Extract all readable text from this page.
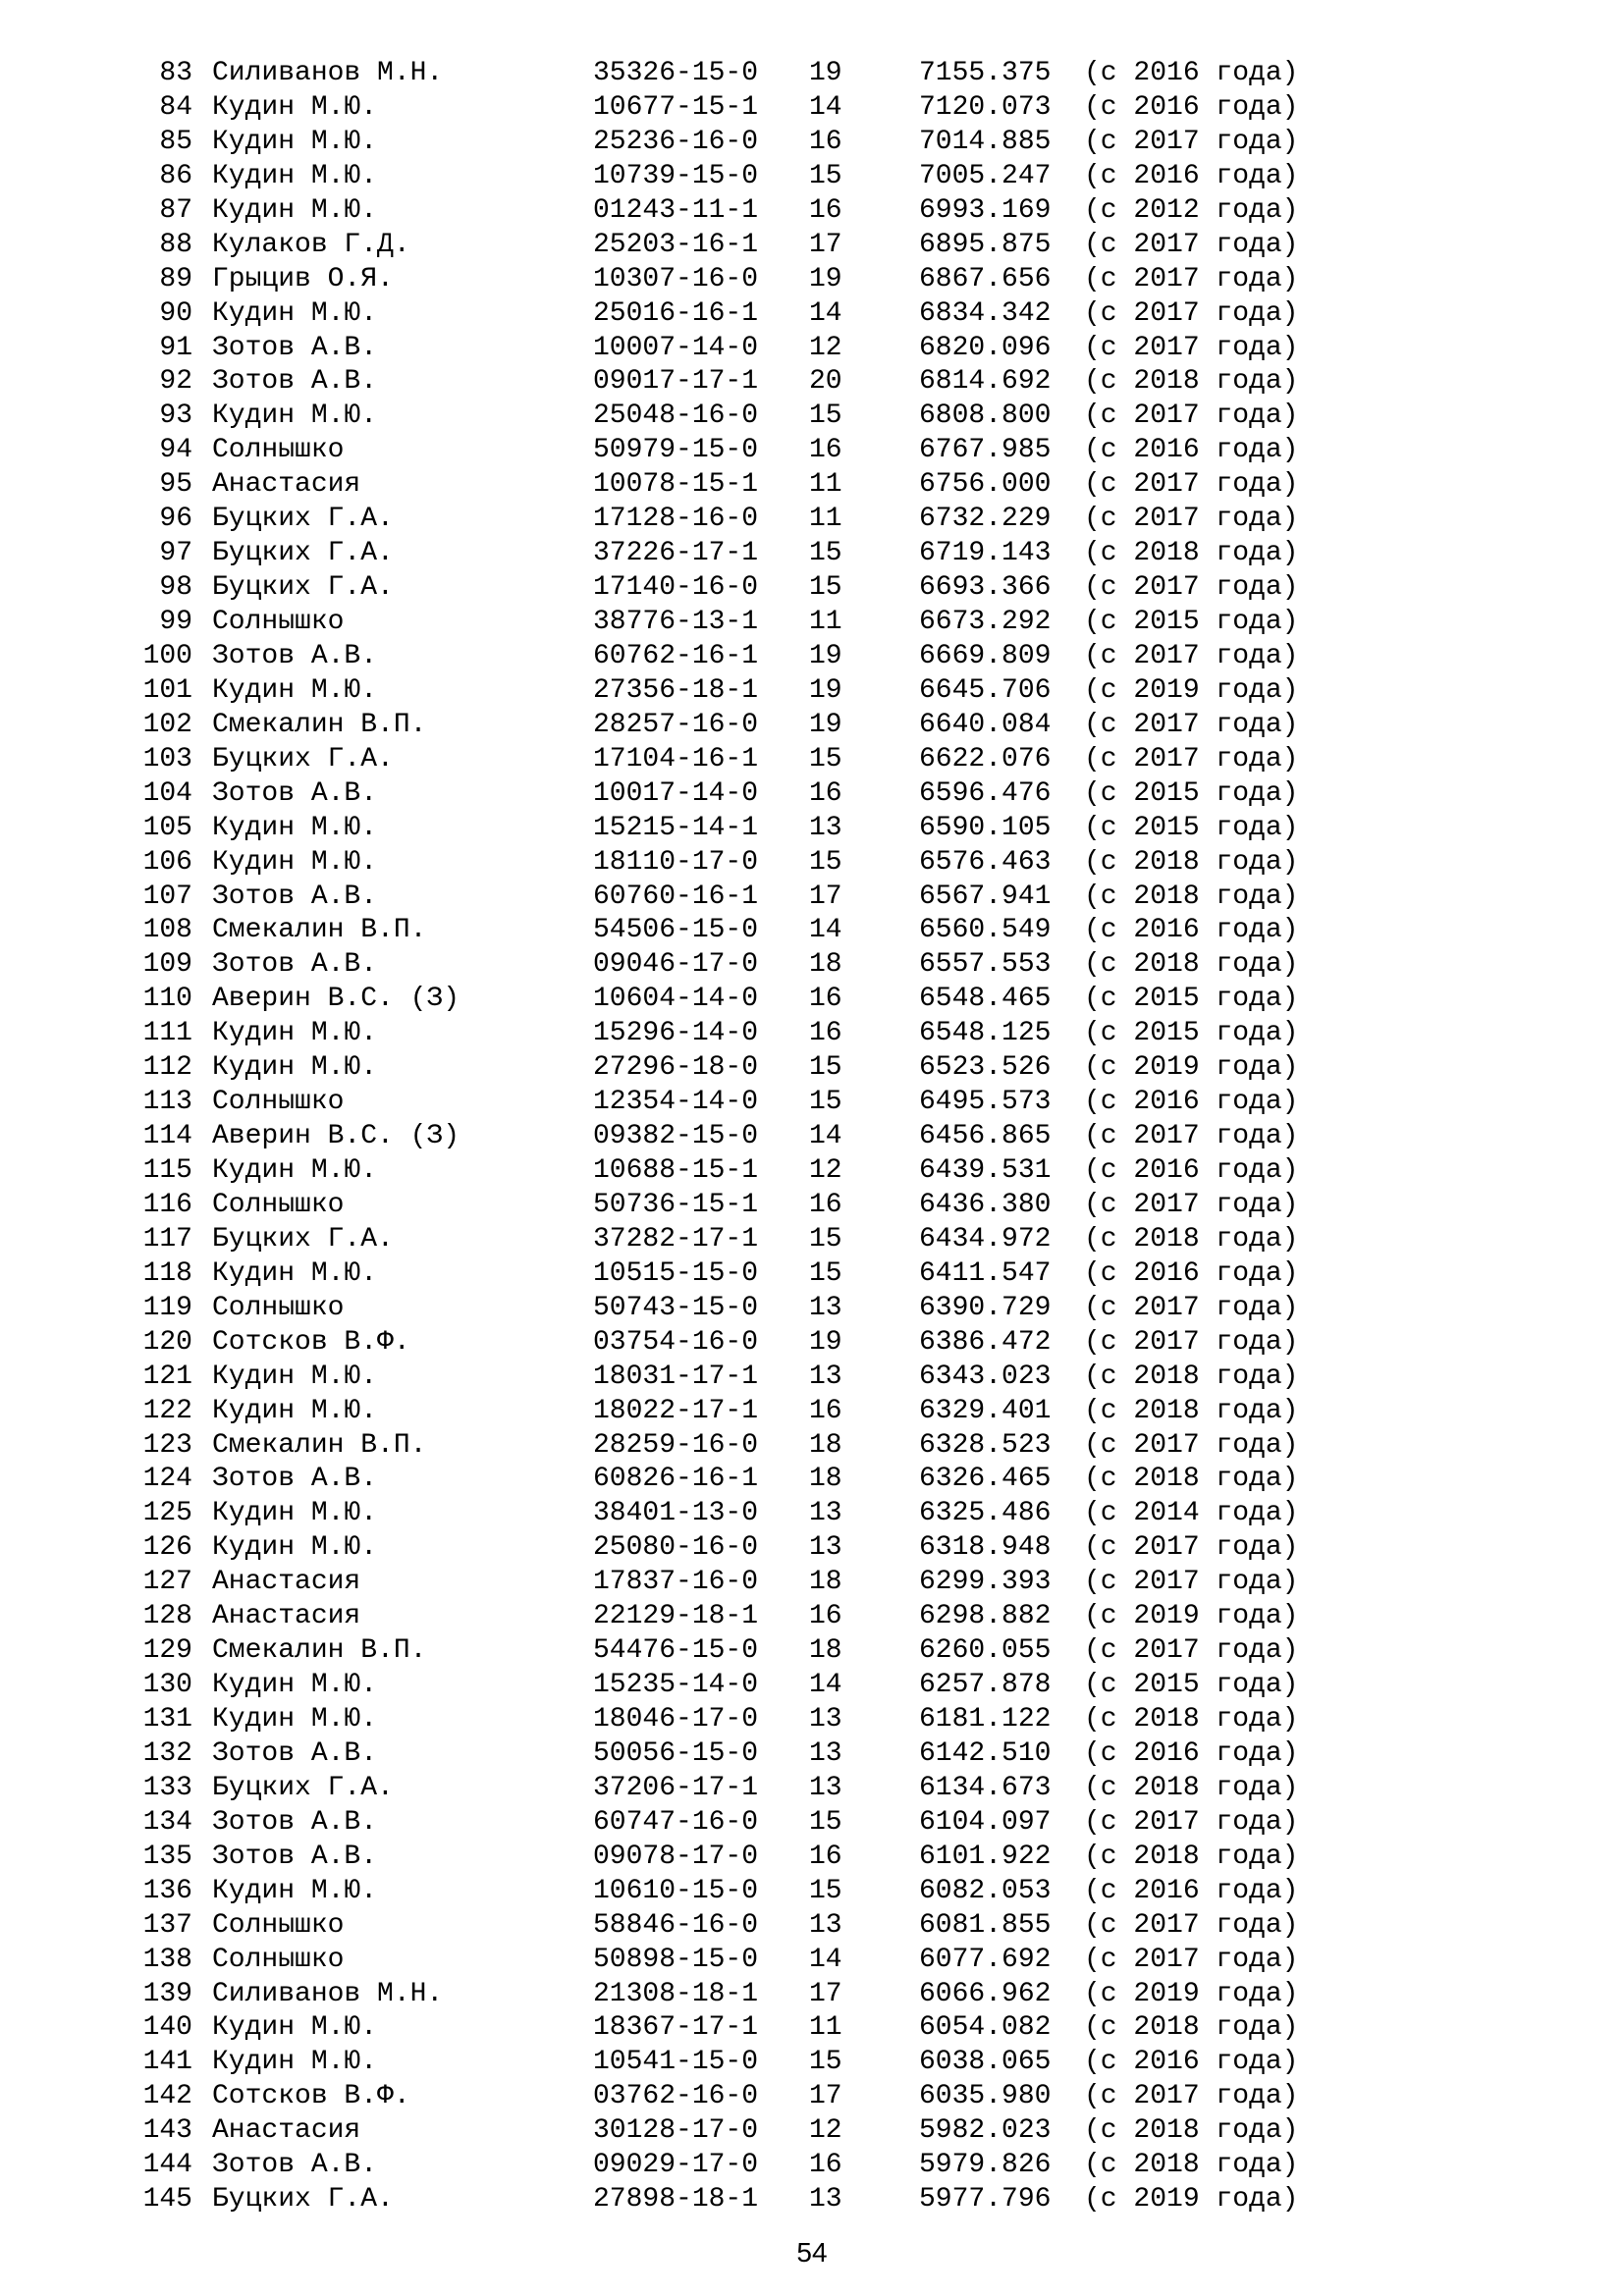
83 Силиванов М.Н.	35326-15-0 19	7155.375 (с 2016 года)
84 Кудин М.Ю.	10677-15-1 14	7120.073 (с 2016 года)
85 Кудин М.Ю.	25236-16-0 16	7014.885 (с 2017 года)
86 Кудин М.Ю.	10739-15-0 15	7005.247 (с 2016 года)
87 Кудин М.Ю.	01243-11-1 16	6993.169 (с 2012 года)
88 Кулаков Г.Д.	25203-16-1 17	6895.875 (с 2017 года)
89 Грыцив О.Я.	10307-16-0 19	6867.656 (с 2017 года)
90 Кудин М.Ю.	25016-16-1 14	6834.342 (с 2017 года)
91 Зотов А.В.	10007-14-0 12	6820.096 (с 2017 года)
92 Зотов А.В.	09017-17-1 20	6814.692 (с 2018 года)
93 Кудин М.Ю.	25048-16-0 15	6808.800 (с 2017 года)
94 Солнышко	50979-15-0 16	6767.985 (с 2016 года)
95 Анастасия	10078-15-1 11	6756.000 (с 2017 года)
96 Буцких Г.А.	17128-16-0 11	6732.229 (с 2017 года)
97 Буцких Г.А.	37226-17-1 15	6719.143 (с 2018 года)
98 Буцких Г.А.	17140-16-0 15	6693.366 (с 2017 года)
99 Солнышко	38776-13-1 11	6673.292 (с 2015 года)
100 Зотов А.В.	60762-16-1 19	6669.809 (с 2017 года)
101 Кудин М.Ю.	27356-18-1 19	6645.706 (с 2019 года)
102 Смекалин В.П.	28257-16-0 19	6640.084 (с 2017 года)
103 Буцких Г.А.	17104-16-1 15	6622.076 (с 2017 года)
104 Зотов А.В.	10017-14-0 16	6596.476 (с 2015 года)
105 Кудин М.Ю.	15215-14-1 13	6590.105 (с 2015 года)
106 Кудин М.Ю.	18110-17-0 15	6576.463 (с 2018 года)
107 Зотов А.В.	60760-16-1 17	6567.941 (с 2018 года)
108 Смекалин В.П.	54506-15-0 14	6560.549 (с 2016 года)
109 Зотов А.В.	09046-17-0 18	6557.553 (с 2018 года)
110 Аверин В.С. (З)	10604-14-0 16	6548.465 (с 2015 года)
111 Кудин М.Ю.	15296-14-0 16	6548.125 (с 2015 года)
112 Кудин М.Ю.	27296-18-0 15	6523.526 (с 2019 года)
113 Солнышко	12354-14-0 15	6495.573 (с 2016 года)
114 Аверин В.С. (З)	09382-15-0 14	6456.865 (с 2017 года)
115 Кудин М.Ю.	10688-15-1 12	6439.531 (с 2016 года)
116 Солнышко	50736-15-1 16	6436.380 (с 2017 года)
117 Буцких Г.А.	37282-17-1 15	6434.972 (с 2018 года)
118 Кудин М.Ю.	10515-15-0 15	6411.547 (с 2016 года)
119 Солнышко	50743-15-0 13	6390.729 (с 2017 года)
120 Сотсков В.Ф.	03754-16-0 19	6386.472 (с 2017 года)
121 Кудин М.Ю.	18031-17-1 13	6343.023 (с 2018 года)
122 Кудин М.Ю.	18022-17-1 16	6329.401 (с 2018 года)
123 Смекалин В.П.	28259-16-0 18	6328.523 (с 2017 года)
124 Зотов А.В.	60826-16-1 18	6326.465 (с 2018 года)
125 Кудин М.Ю.	38401-13-0 13	6325.486 (с 2014 года)
126 Кудин М.Ю.	25080-16-0 13	6318.948 (с 2017 года)
127 Анастасия	17837-16-0 18	6299.393 (с 2017 года)
128 Анастасия	22129-18-1 16	6298.882 (с 2019 года)
129 Смекалин В.П.	54476-15-0 18	6260.055 (с 2017 года)
130 Кудин М.Ю.	15235-14-0 14	6257.878 (с 2015 года)
131 Кудин М.Ю.	18046-17-0 13	6181.122 (с 2018 года)
132 Зотов А.В.	50056-15-0 13	6142.510 (с 2016 года)
133 Буцких Г.А.	37206-17-1 13	6134.673 (с 2018 года)
134 Зотов А.В.	60747-16-0 15	6104.097 (с 2017 года)
135 Зотов А.В.	09078-17-0 16	6101.922 (с 2018 года)
136 Кудин М.Ю.	10610-15-0 15	6082.053 (с 2016 года)
137 Солнышко	58846-16-0 13	6081.855 (с 2017 года)
138 Солнышко	50898-15-0 14	6077.692 (с 2017 года)
139 Силиванов М.Н.	21308-18-1 17	6066.962 (с 2019 года)
140 Кудин М.Ю.	18367-17-1 11	6054.082 (с 2018 года)
141 Кудин М.Ю.	10541-15-0 15	6038.065 (с 2016 года)
142 Сотсков В.Ф.	03762-16-0 17	6035.980 (с 2017 года)
143 Анастасия	30128-17-0 12	5982.023 (с 2018 года)
144 Зотов А.В.	09029-17-0 16	5979.826 (с 2018 года)
145 Буцких Г.А.	27898-18-1 13	5977.796 (с 2019 года)
54
